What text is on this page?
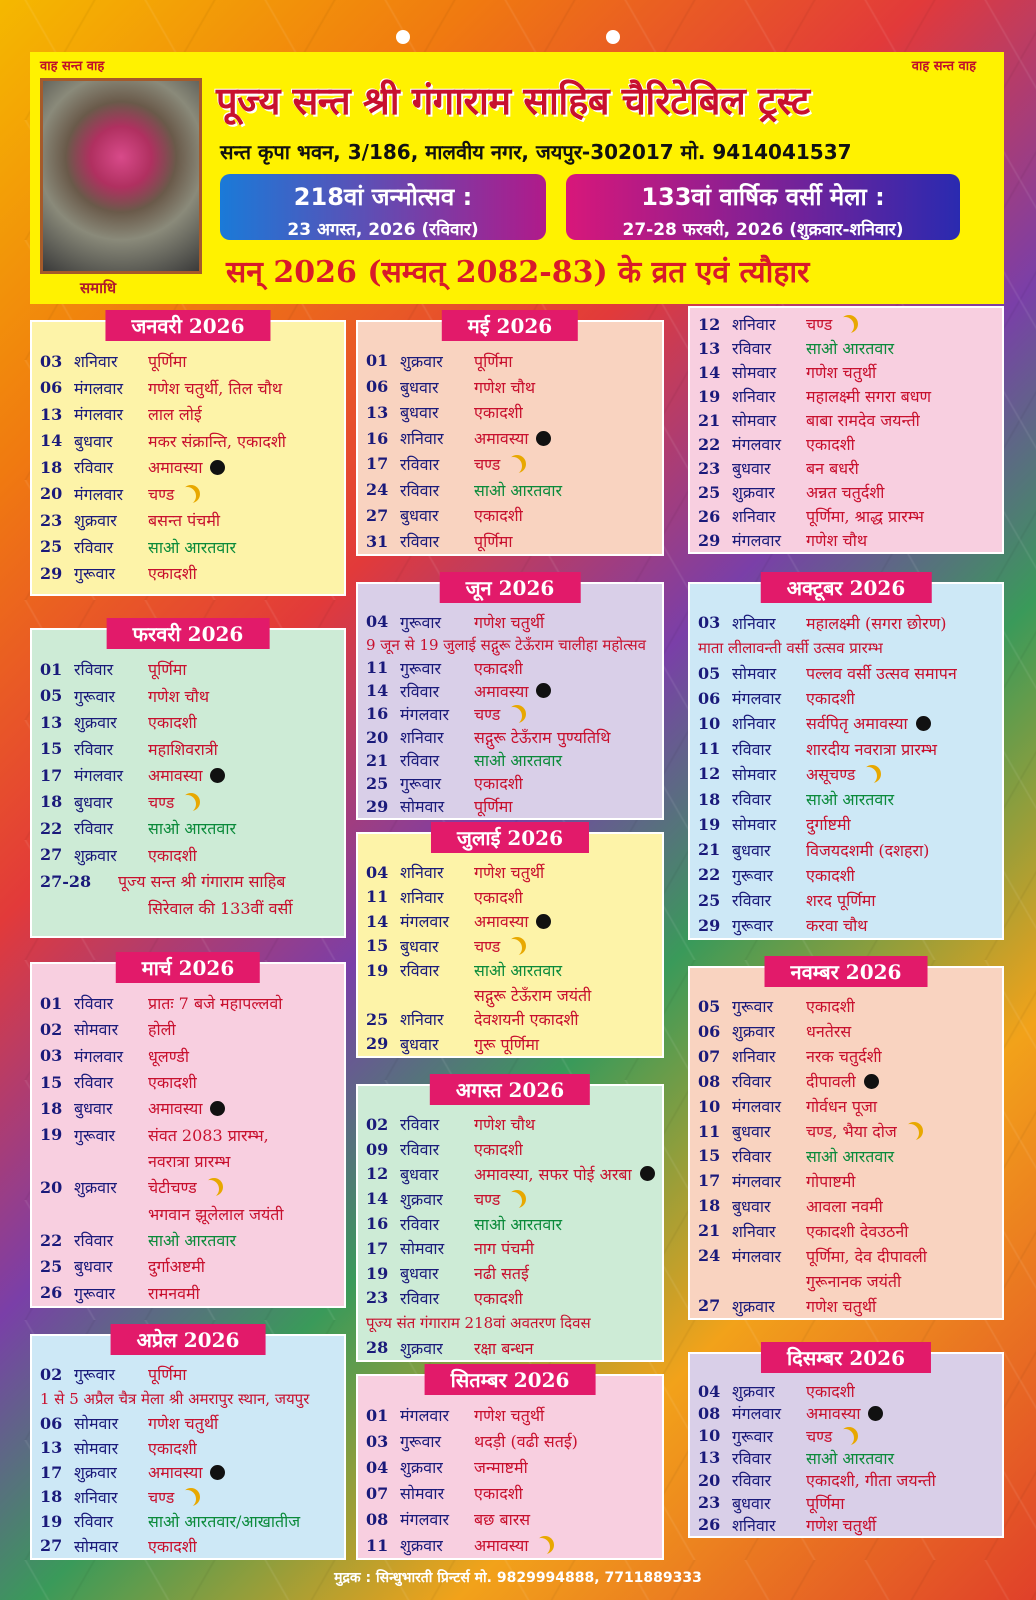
वाह सन्त वाह	वाह सन्त वाह
समाधि
पूज्य सन्त श्री गंगाराम साहिब चैरिटेबिल ट्रस्ट
सन्त कृपा भवन, 3/186, मालवीय नगर, जयपुर-302017 मो. 9414041537
218वां जन्मोत्सव :
23 अगस्त, 2026 (रविवार)
133वां वार्षिक वर्सी मेला :
27-28 फरवरी, 2026 (शुक्रवार-शनिवार)
सन् 2026 (सम्वत् 2082-83) के व्रत एवं त्यौहार
जनवरी 2026
03 शनिवार	पूर्णिमा
06 मंगलवार	गणेश चतुर्थी, तिल चौथ
13 मंगलवार	लाल लोई
14 बुधवार	मकर संक्रान्ति, एकादशी
18 रविवार	अमावस्या
20 मंगलवार	चण्ड
23 शुक्रवार	बसन्त पंचमी
25 रविवार	साओ आरतवार
29 गुरूवार	एकादशी
फरवरी 2026
01 रविवार	पूर्णिमा
05 गुरूवार	गणेश चौथ
13 शुक्रवार	एकादशी
15 रविवार	महाशिवरात्री
17 मंगलवार	अमावस्या
18 बुधवार	चण्ड
22 रविवार	साओ आरतवार
27 शुक्रवार	एकादशी
27-28	पूज्य सन्त श्री गंगाराम साहिब
सिरेवाल की 133वीं वर्सी
मार्च 2026
01 रविवार	प्रातः 7 बजे महापल्लवो
02 सोमवार	होली
03 मंगलवार	धूलण्डी
15 रविवार	एकादशी
18 बुधवार	अमावस्या
19 गुरूवार	संवत 2083 प्रारम्भ,
नवरात्रा प्रारम्भ
20 शुक्रवार	चेटीचण्ड
भगवान झूलेलाल जयंती
22 रविवार	साओ आरतवार
25 बुधवार	दुर्गाअष्टमी
26 गुरूवार	रामनवमी
अप्रेल 2026
02 गुरूवार	पूर्णिमा
1 से 5 अप्रैल चैत्र मेला श्री अमरापुर स्थान, जयपुर
06 सोमवार	गणेश चतुर्थी
13 सोमवार	एकादशी
17 शुक्रवार	अमावस्या
18 शनिवार	चण्ड
19 रविवार	साओ आरतवार/आखातीज
27 सोमवार	एकादशी
मई 2026
01 शुक्रवार	पूर्णिमा
06 बुधवार	गणेश चौथ
13 बुधवार	एकादशी
16 शनिवार	अमावस्या
17 रविवार	चण्ड
24 रविवार	साओ आरतवार
27 बुधवार	एकादशी
31 रविवार	पूर्णिमा
जून 2026
04 गुरूवार	गणेश चतुर्थी
9 जून से 19 जुलाई सद्गुरू टेऊँराम चालीहा महोत्सव
11 गुरूवार	एकादशी
14 रविवार	अमावस्या
16 मंगलवार	चण्ड
20 शनिवार	सद्गुरू टेऊँराम पुण्यतिथि
21 रविवार	साओ आरतवार
25 गुरूवार	एकादशी
29 सोमवार	पूर्णिमा
जुलाई 2026
04 शनिवार	गणेश चतुर्थी
11 शनिवार	एकादशी
14 मंगलवार	अमावस्या
15 बुधवार	चण्ड
19 रविवार	साओ आरतवार
सद्गुरू टेऊँराम जयंती
25 शनिवार	देवशयनी एकादशी
29 बुधवार	गुरू पूर्णिमा
अगस्त 2026
02 रविवार	गणेश चौथ
09 रविवार	एकादशी
12 बुधवार	अमावस्या, सफर पोई अरबा
14 शुक्रवार	चण्ड
16 रविवार	साओ आरतवार
17 सोमवार	नाग पंचमी
19 बुधवार	नढी सतई
23 रविवार	एकादशी
पूज्य संत गंगाराम 218वां अवतरण दिवस
28 शुक्रवार	रक्षा बन्धन
सितम्बर 2026
01 मंगलवार	गणेश चतुर्थी
03 गुरूवार	थदड़ी (वढी सतई)
04 शुक्रवार	जन्माष्टमी
07 सोमवार	एकादशी
08 मंगलवार	बछ बारस
11 शुक्रवार	अमावस्या
12 शनिवार	चण्ड
13 रविवार	साओ आरतवार
14 सोमवार	गणेश चतुर्थी
19 शनिवार	महालक्ष्मी सगरा बधण
21 सोमवार	बाबा रामदेव जयन्ती
22 मंगलवार	एकादशी
23 बुधवार	बन बधरी
25 शुक्रवार	अन्नत चतुर्दशी
26 शनिवार	पूर्णिमा, श्राद्ध प्रारम्भ
29 मंगलवार	गणेश चौथ
अक्टूबर 2026
03 शनिवार	महालक्ष्मी (सगरा छोरण)
माता लीलावन्ती वर्सी उत्सव प्रारम्भ
05 सोमवार	पल्लव वर्सी उत्सव समापन
06 मंगलवार	एकादशी
10 शनिवार	सर्वपितृ अमावस्या
11 रविवार	शारदीय नवरात्रा प्रारम्भ
12 सोमवार	असूचण्ड
18 रविवार	साओ आरतवार
19 सोमवार	दुर्गाष्टमी
21 बुधवार	विजयदशमी (दशहरा)
22 गुरूवार	एकादशी
25 रविवार	शरद पूर्णिमा
29 गुरूवार	करवा चौथ
नवम्बर 2026
05 गुरूवार	एकादशी
06 शुक्रवार	धनतेरस
07 शनिवार	नरक चतुर्दशी
08 रविवार	दीपावली
10 मंगलवार	गोर्वधन पूजा
11 बुधवार	चण्ड, भैया दोज
15 रविवार	साओ आरतवार
17 मंगलवार	गोपाष्टमी
18 बुधवार	आवला नवमी
21 शनिवार	एकादशी देवउठनी
24 मंगलवार	पूर्णिमा, देव दीपावली
गुरूनानक जयंती
27 शुक्रवार	गणेश चतुर्थी
दिसम्बर 2026
04 शुक्रवार	एकादशी
08 मंगलवार	अमावस्या
10 गुरूवार	चण्ड
13 रविवार	साओ आरतवार
20 रविवार	एकादशी, गीता जयन्ती
23 बुधवार	पूर्णिमा
26 शनिवार	गणेश चतुर्थी
मुद्रक : सिन्धुभारती प्रिन्टर्स मो. 9829994888, 7711889333
